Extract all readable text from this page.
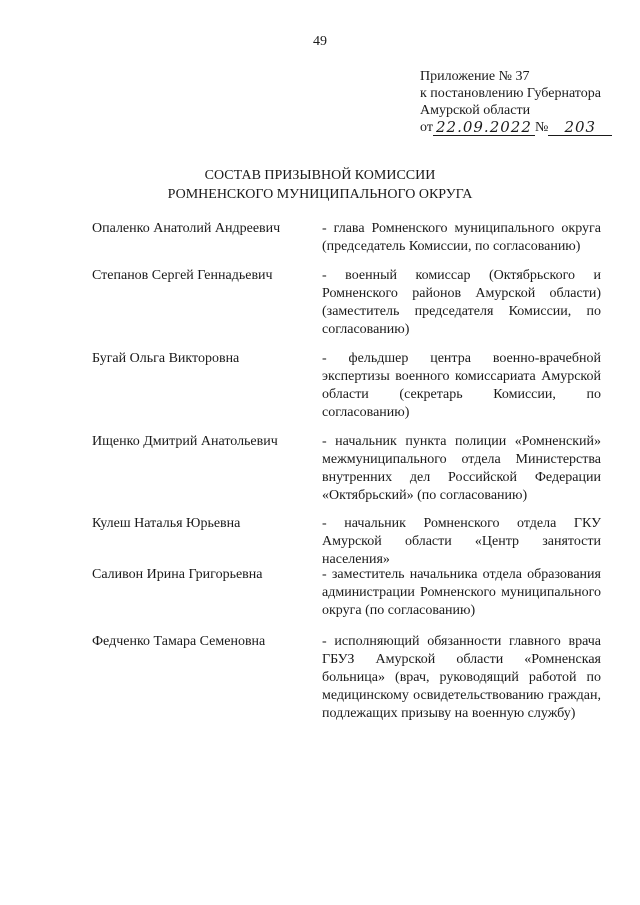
49
Приложение № 37
к постановлению Губернатора
Амурской области
от 22.09.2022 №	203
СОСТАВ ПРИЗЫВНОЙ КОМИССИИ
РОМНЕНСКОГО МУНИЦИПАЛЬНОГО ОКРУГА
Опаленко Анатолий Андреевич	- глава Ромненского муниципального округа (председатель Комиссии, по согласованию)
Степанов Сергей Геннадьевич	- военный комиссар (Октябрьского и Ромненского районов Амурской области) (заместитель председателя Комиссии, по согласованию)
Бугай Ольга Викторовна	- фельдшер центра военно-врачебной экспертизы военного комиссариата Амурской области (секретарь Комиссии, по согласованию)
Ищенко Дмитрий Анатольевич	- начальник пункта полиции «Ромненский» межмуниципального отдела Министерства внутренних дел Российской Федерации «Октябрьский» (по согласованию)
Кулеш Наталья Юрьевна	- начальник Ромненского отдела ГКУ Амурской области «Центр занятости населения»
Саливон Ирина Григорьевна	- заместитель начальника отдела образования администрации Ромненского муниципального округа (по согласованию)
Федченко Тамара Семеновна	- исполняющий обязанности главного врача ГБУЗ Амурской области «Ромненская больница» (врач, руководящий работой по медицинскому освидетельствованию граждан, подлежащих призыву на военную службу)
